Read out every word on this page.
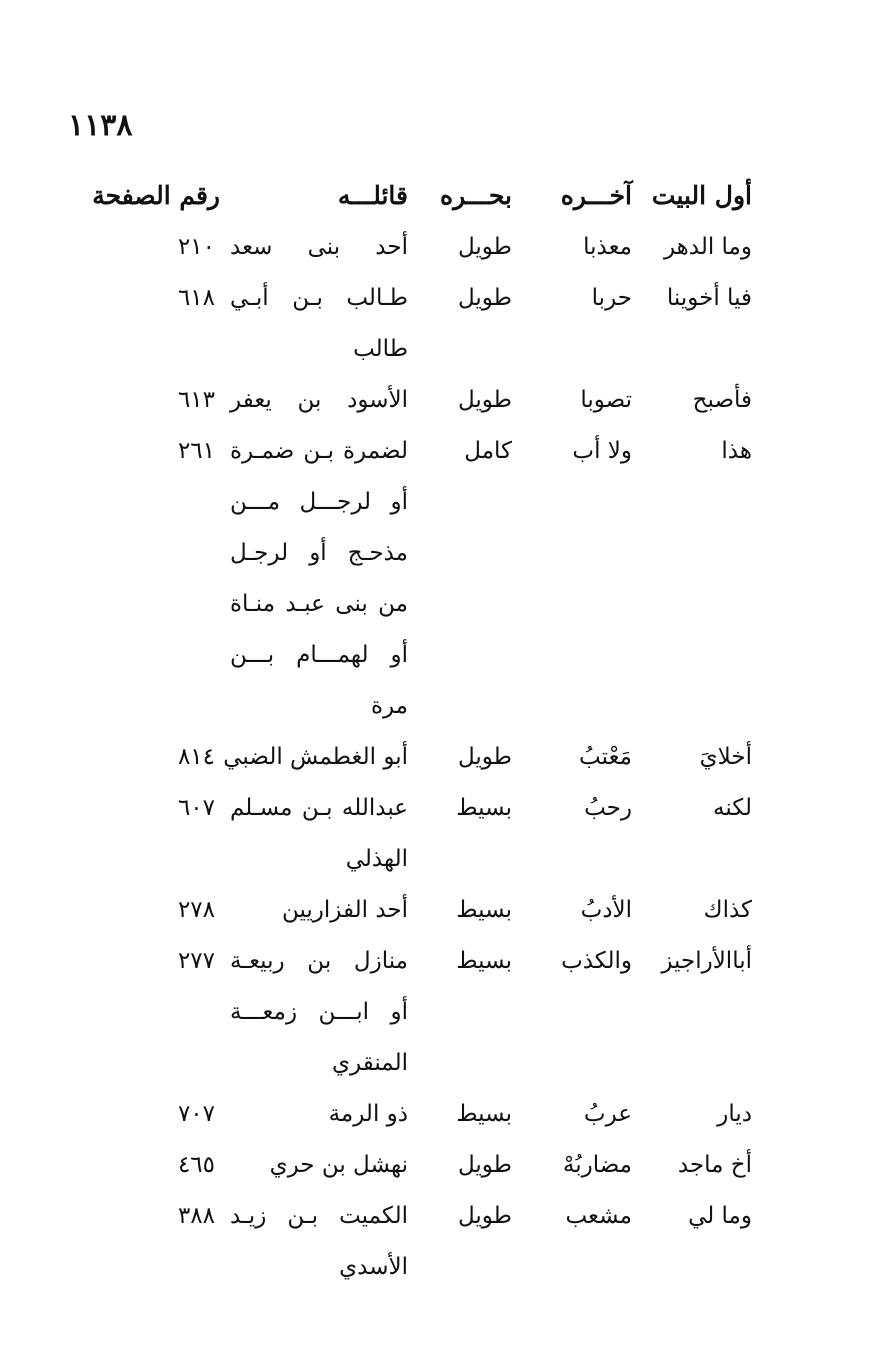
١١٣٨
أول البيت
آخـــره
بحـــره
قائلـــه
رقم الصفحة
وما الدهر
معذبا
طويل
أحد بنى سعد
٢١٠
فيا أخوينا
حربا
طويل
طـالب بـن أبـي
٦١٨
طالب
فأصبح
تصوبا
طويل
الأسود بن يعفر
٦١٣
هذا
ولا أب
كامل
لضمرة بـن ضمـرة
٢٦١
أو لرجـــل مـــن
مذحـج أو لرجـل
من بنى عبـد منـاة
أو لهمـــام بـــن
مرة
أخلايَ
مَعْتبُ
طويل
أبو الغطمش الضبي
٨١٤
لكنه
رحبُ
بسيط
عبدالله بـن مسـلم
٦٠٧
الهذلي
كذاك
الأدبُ
بسيط
أحد الفزاريين
٢٧٨
أباالأراجيز
والكذب
بسيط
منازل بن ربيعـة
٢٧٧
أو ابـــن زمعـــة
المنقري
ديار
عربُ
بسيط
ذو الرمة
٧٠٧
أخ ماجد
مضاربُهْ
طويل
نهشل بن حري
٤٦٥
وما لي
مشعب
طويل
الكميت بـن زيـد
٣٨٨
الأسدي
